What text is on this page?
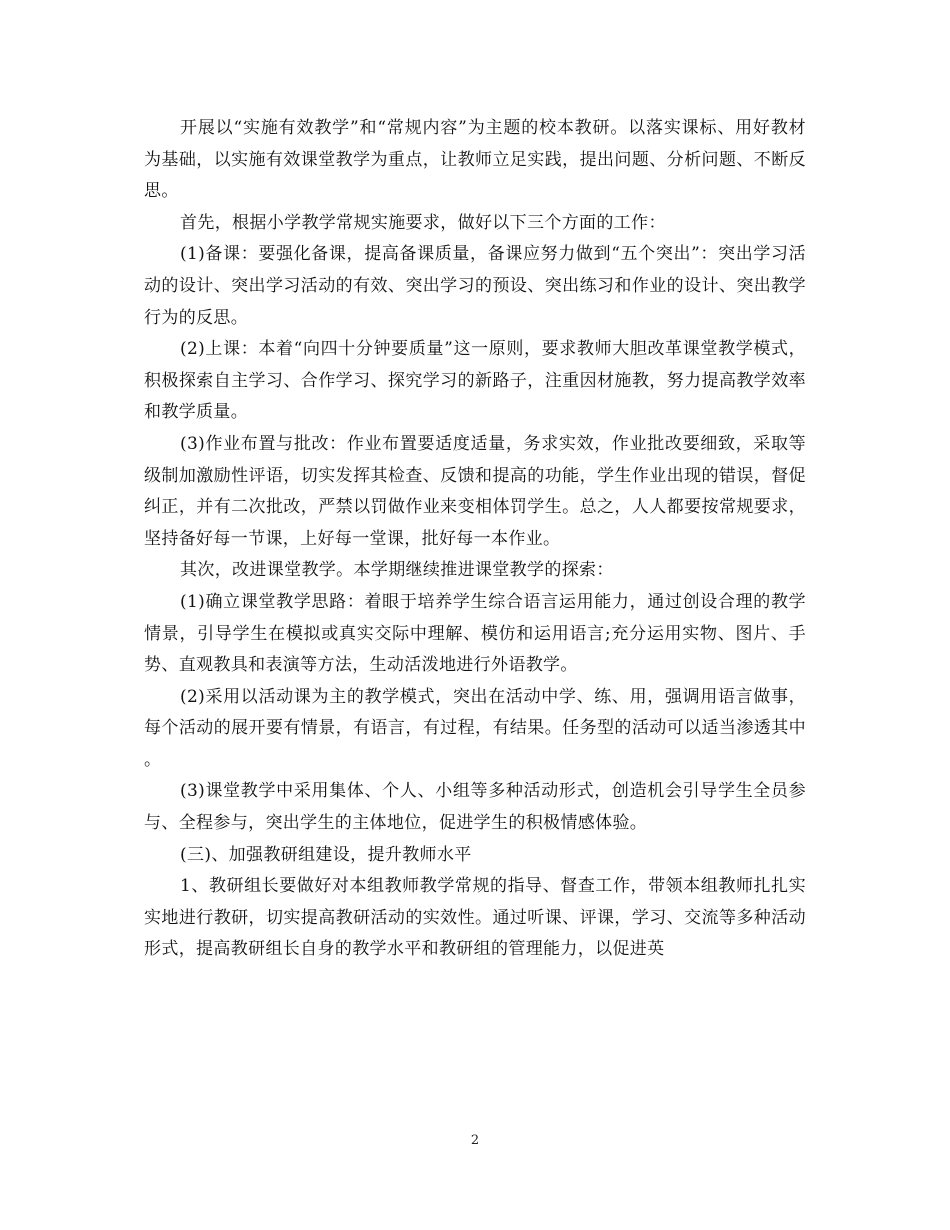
开展以“实施有效教学”和“常规内容”为主题的校本教研。以落实课标、用好教材为基础，以实施有效课堂教学为重点，让教师立足实践，提出问题、分析问题、不断反思。

首先，根据小学教学常规实施要求，做好以下三个方面的工作：

(1)备课：要强化备课，提高备课质量，备课应努力做到“五个突出”：突出学习活动的设计、突出学习活动的有效、突出学习的预设、突出练习和作业的设计、突出教学行为的反思。

(2)上课：本着“向四十分钟要质量”这一原则，要求教师大胆改革课堂教学模式，积极探索自主学习、合作学习、探究学习的新路子，注重因材施教，努力提高教学效率和教学质量。

(3)作业布置与批改：作业布置要适度适量，务求实效，作业批改要细致，采取等级制加激励性评语，切实发挥其检查、反馈和提高的功能，学生作业出现的错误，督促纠正，并有二次批改，严禁以罚做作业来变相体罚学生。总之，人人都要按常规要求，坚持备好每一节课，上好每一堂课，批好每一本作业。

其次，改进课堂教学。本学期继续推进课堂教学的探索：

(1)确立课堂教学思路：着眼于培养学生综合语言运用能力，通过创设合理的教学情景，引导学生在模拟或真实交际中理解、模仿和运用语言;充分运用实物、图片、手势、直观教具和表演等方法，生动活泼地进行外语教学。

(2)采用以活动课为主的教学模式，突出在活动中学、练、用，强调用语言做事，每个活动的展开要有情景，有语言，有过程，有结果。任务型的活动可以适当渗透其中。

(3)课堂教学中采用集体、个人、小组等多种活动形式，创造机会引导学生全员参与、全程参与，突出学生的主体地位，促进学生的积极情感体验。

(三)、加强教研组建设，提升教师水平

1、教研组长要做好对本组教师教学常规的指导、督查工作，带领本组教师扎扎实实地进行教研，切实提高教研活动的实效性。通过听课、评课，学习、交流等多种活动形式，提高教研组长自身的教学水平和教研组的管理能力，以促进英

2
